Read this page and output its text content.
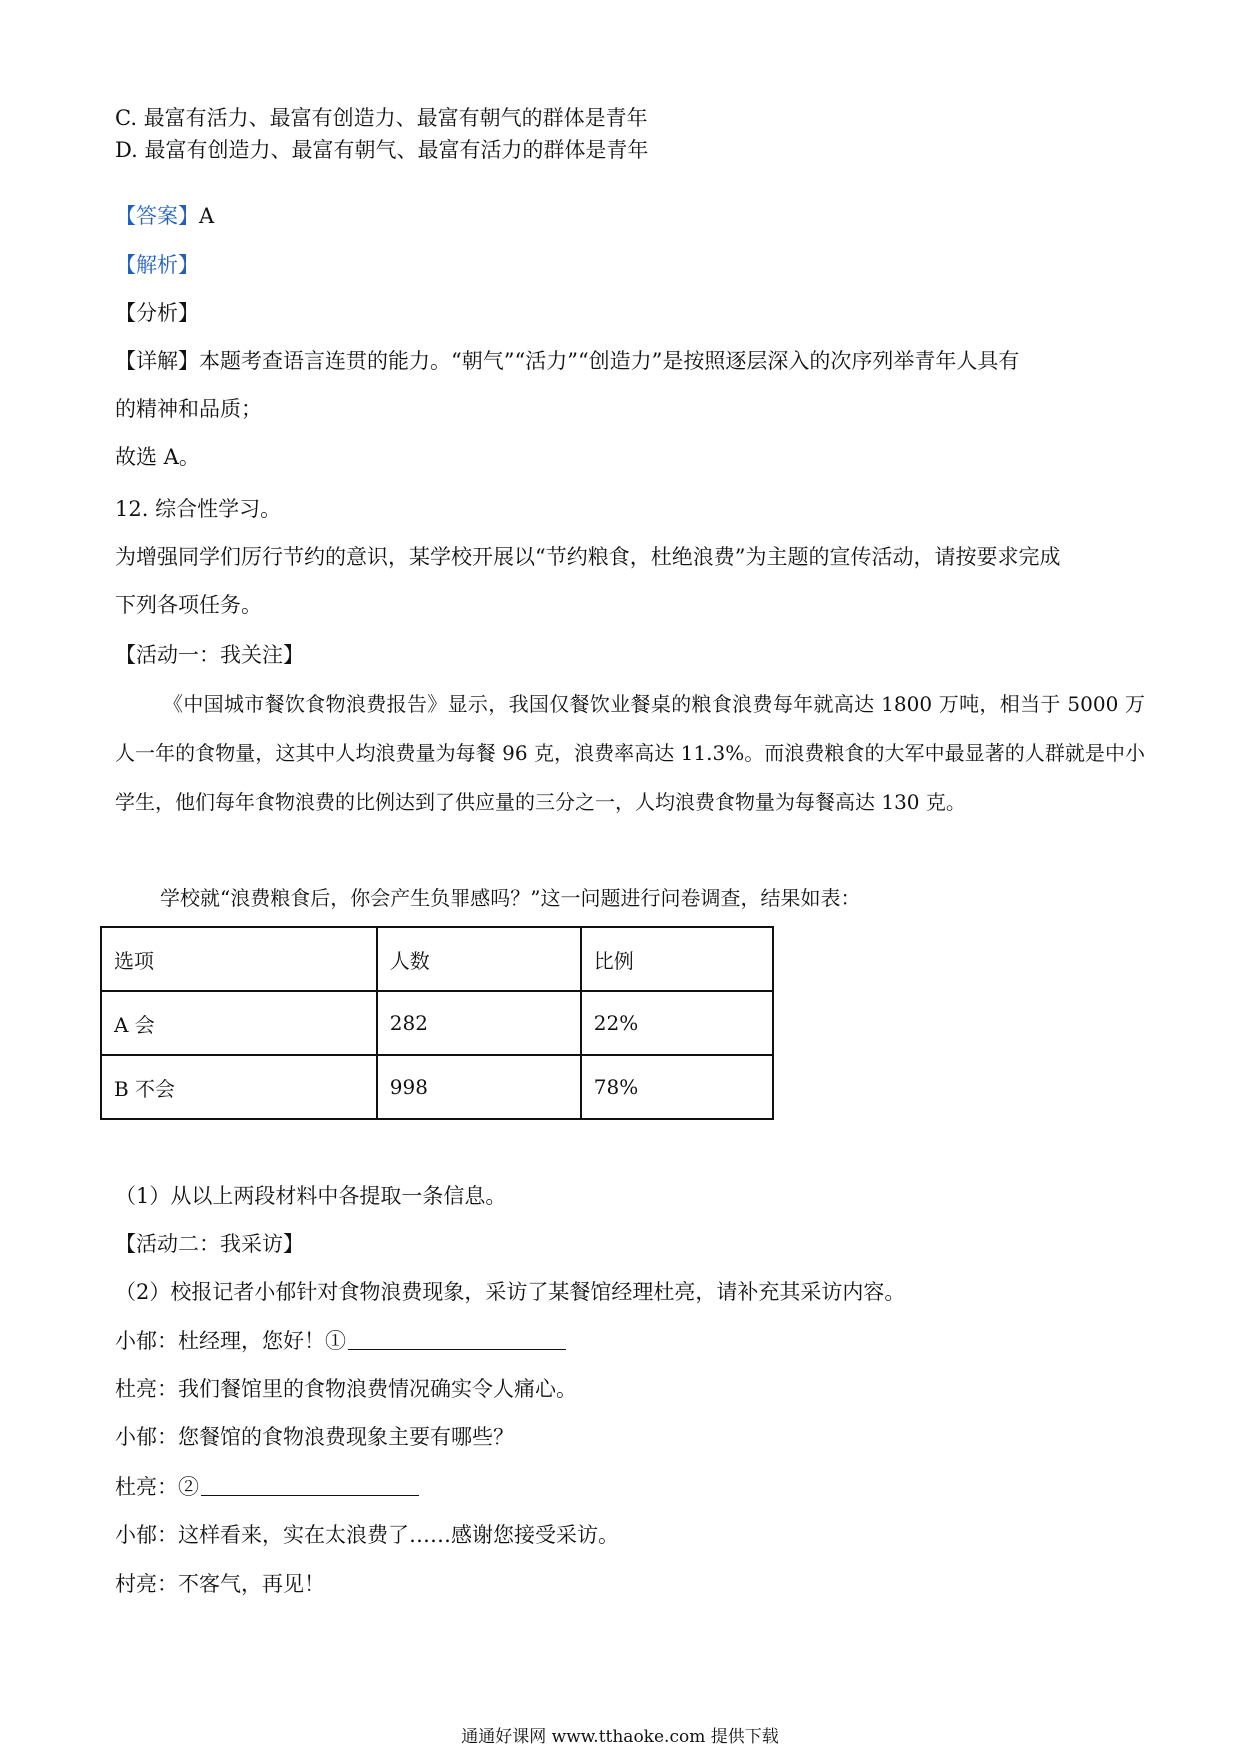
C. 最富有活力、最富有创造力、最富有朝气的群体是青年
D. 最富有创造力、最富有朝气、最富有活力的群体是青年
【答案】A
【解析】
【分析】
【详解】本题考查语言连贯的能力。“朝气”“活力”“创造力”是按照逐层深入的次序列举青年人具有
的精神和品质；
故选 A。
12. 综合性学习。
为增强同学们厉行节约的意识，某学校开展以“节约粮食，杜绝浪费”为主题的宣传活动，请按要求完成
下列各项任务。
【活动一：我关注】
《中国城市餐饮食物浪费报告》显示，我国仅餐饮业餐桌的粮食浪费每年就高达 1800 万吨，相当于 5000 万人一年的食物量，这其中人均浪费量为每餐 96 克，浪费率高达 11.3%。而浪费粮食的大军中最显著的人群就是中小学生，他们每年食物浪费的比例达到了供应量的三分之一，人均浪费食物量为每餐高达 130 克。
学校就“浪费粮食后，你会产生负罪感吗？”这一问题进行问卷调查，结果如表：
选项	人数	比例
A 会	282	22%
B 不会	998	78%
（1）从以上两段材料中各提取一条信息。
【活动二：我采访】
（2）校报记者小郁针对食物浪费现象，采访了某餐馆经理杜亮，请补充其采访内容。
小郁：杜经理，您好！①
杜亮：我们餐馆里的食物浪费情况确实令人痛心。
小郁：您餐馆的食物浪费现象主要有哪些？
杜亮：②
小郁：这样看来，实在太浪费了……感谢您接受采访。
村亮：不客气，再见！
通通好课网 www.tthaoke.com 提供下载
